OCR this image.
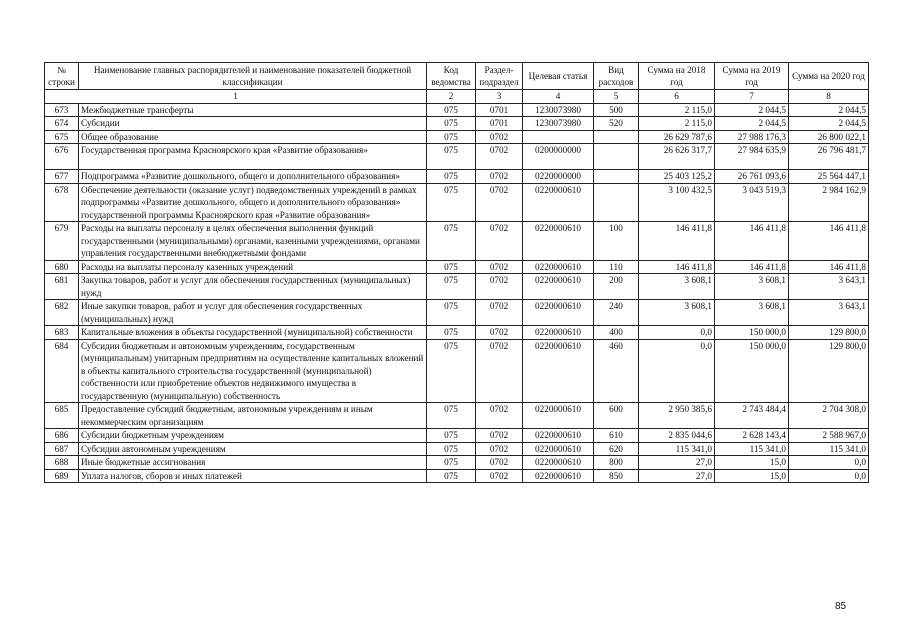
№ строки	Наименование главных распорядителей и наименование показателей бюджетной классификации	Код ведомства	Раздел-подраздел	Целевая статья	Вид расходов	Сумма на 2018 год	Сумма на 2019 год	Сумма на 2020 год
1		2	3	4	5	6	7	8
673	Межбюджетные трансферты	075	0701	1230073980	500	2 115,0	2 044,5	2 044,5
674	Субсидии	075	0701	1230073980	520	2 115,0	2 044,5	2 044,5
675	Общее образование	075	0702			26 629 787,6	27 988 176,3	26 800 022,1
676	Государственная программа Красноярского края «Развитие образования»	075	0702	0200000000		26 626 317,7	27 984 635,9	26 796 481,7
677	Подпрограмма «Развитие дошкольного, общего и дополнительного образования»	075	0702	0220000000		25 403 125,2	26 761 093,6	25 564 447,1
678	Обеспечение деятельности (оказание услуг) подведомственных учреждений в рамках подпрограммы «Развитие дошкольного, общего и дополнительного образования» государственной программы Красноярского края «Развитие образования»	075	0702	0220000610		3 100 432,5	3 043 519,3	2 984 162,9
679	Расходы на выплаты персоналу в целях обеспечения выполнения функций государственными (муниципальными) органами, казенными учреждениями, органами управления государственными внебюджетными фондами	075	0702	0220000610	100	146 411,8	146 411,8	146 411,8
680	Расходы на выплаты персоналу казенных учреждений	075	0702	0220000610	110	146 411,8	146 411,8	146 411,8
681	Закупка товаров, работ и услуг для обеспечения государственных (муниципальных) нужд	075	0702	0220000610	200	3 608,1	3 608,1	3 643,1
682	Иные закупки товаров, работ и услуг для обеспечения государственных (муниципальных) нужд	075	0702	0220000610	240	3 608,1	3 608,1	3 643,1
683	Капитальные вложения в объекты государственной (муниципальной) собственности	075	0702	0220000610	400	0,0	150 000,0	129 800,0
684	Субсидии бюджетным и автономным учреждениям, государственным (муниципальным) унитарным предприятиям на осуществление капитальных вложений в объекты капитального строительства государственной (муниципальной) собственности или приобретение объектов недвижимого имущества в государственную (муниципальную) собственность	075	0702	0220000610	460	0,0	150 000,0	129 800,0
685	Предоставление субсидий бюджетным, автономным учреждениям и иным некоммерческим организациям	075	0702	0220000610	600	2 950 385,6	2 743 484,4	2 704 308,0
686	Субсидии бюджетным учреждениям	075	0702	0220000610	610	2 835 044,6	2 628 143,4	2 588 967,0
687	Субсидии автономным учреждениям	075	0702	0220000610	620	115 341,0	115 341,0	115 341,0
688	Иные бюджетные ассигнования	075	0702	0220000610	800	27,0	15,0	0,0
689	Уплата налогов, сборов и иных платежей	075	0702	0220000610	850	27,0	15,0	0,0
85
